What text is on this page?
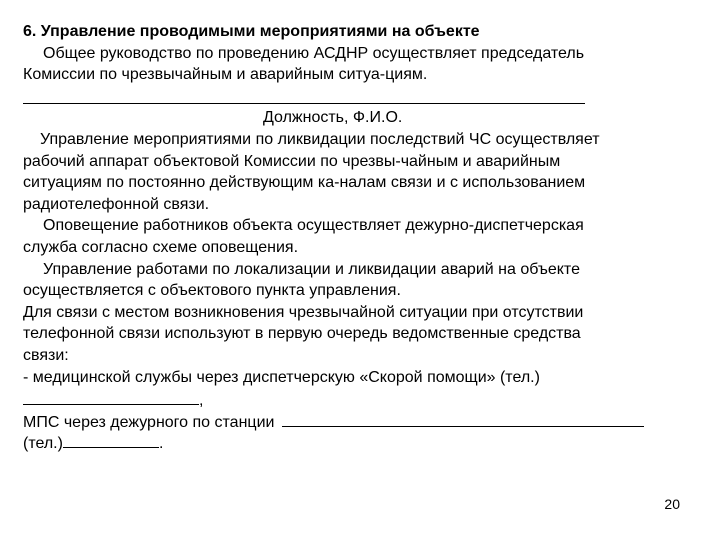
6. Управление проводимыми мероприятиями на объекте
Общее руководство по проведению АСДНР осуществляет председатель
Комиссии по чрезвычайным и аварийным ситуа-циям.
Должность, Ф.И.О.
Управление мероприятиями по ликвидации последствий ЧС осуществляет
рабочий аппарат объектовой Комиссии по чрезвы-чайным и аварийным
ситуациям по постоянно действующим ка-налам связи и с использованием
радиотелефонной связи.
Оповещение работников объекта осуществляет дежурно-диспетчерская
служба согласно схеме оповещения.
Управление работами по локализации и ликвидации аварий на объекте
осуществляется с объектового пункта управления.
Для связи с местом возникновения чрезвычайной ситуации при отсутствии
телефонной связи используют в первую очередь ведомственные средства
связи:
- медицинской службы через диспетчерскую «Скорой помощи» (тел.)
,
МПС через дежурного по станции
(тел.)	.
20
